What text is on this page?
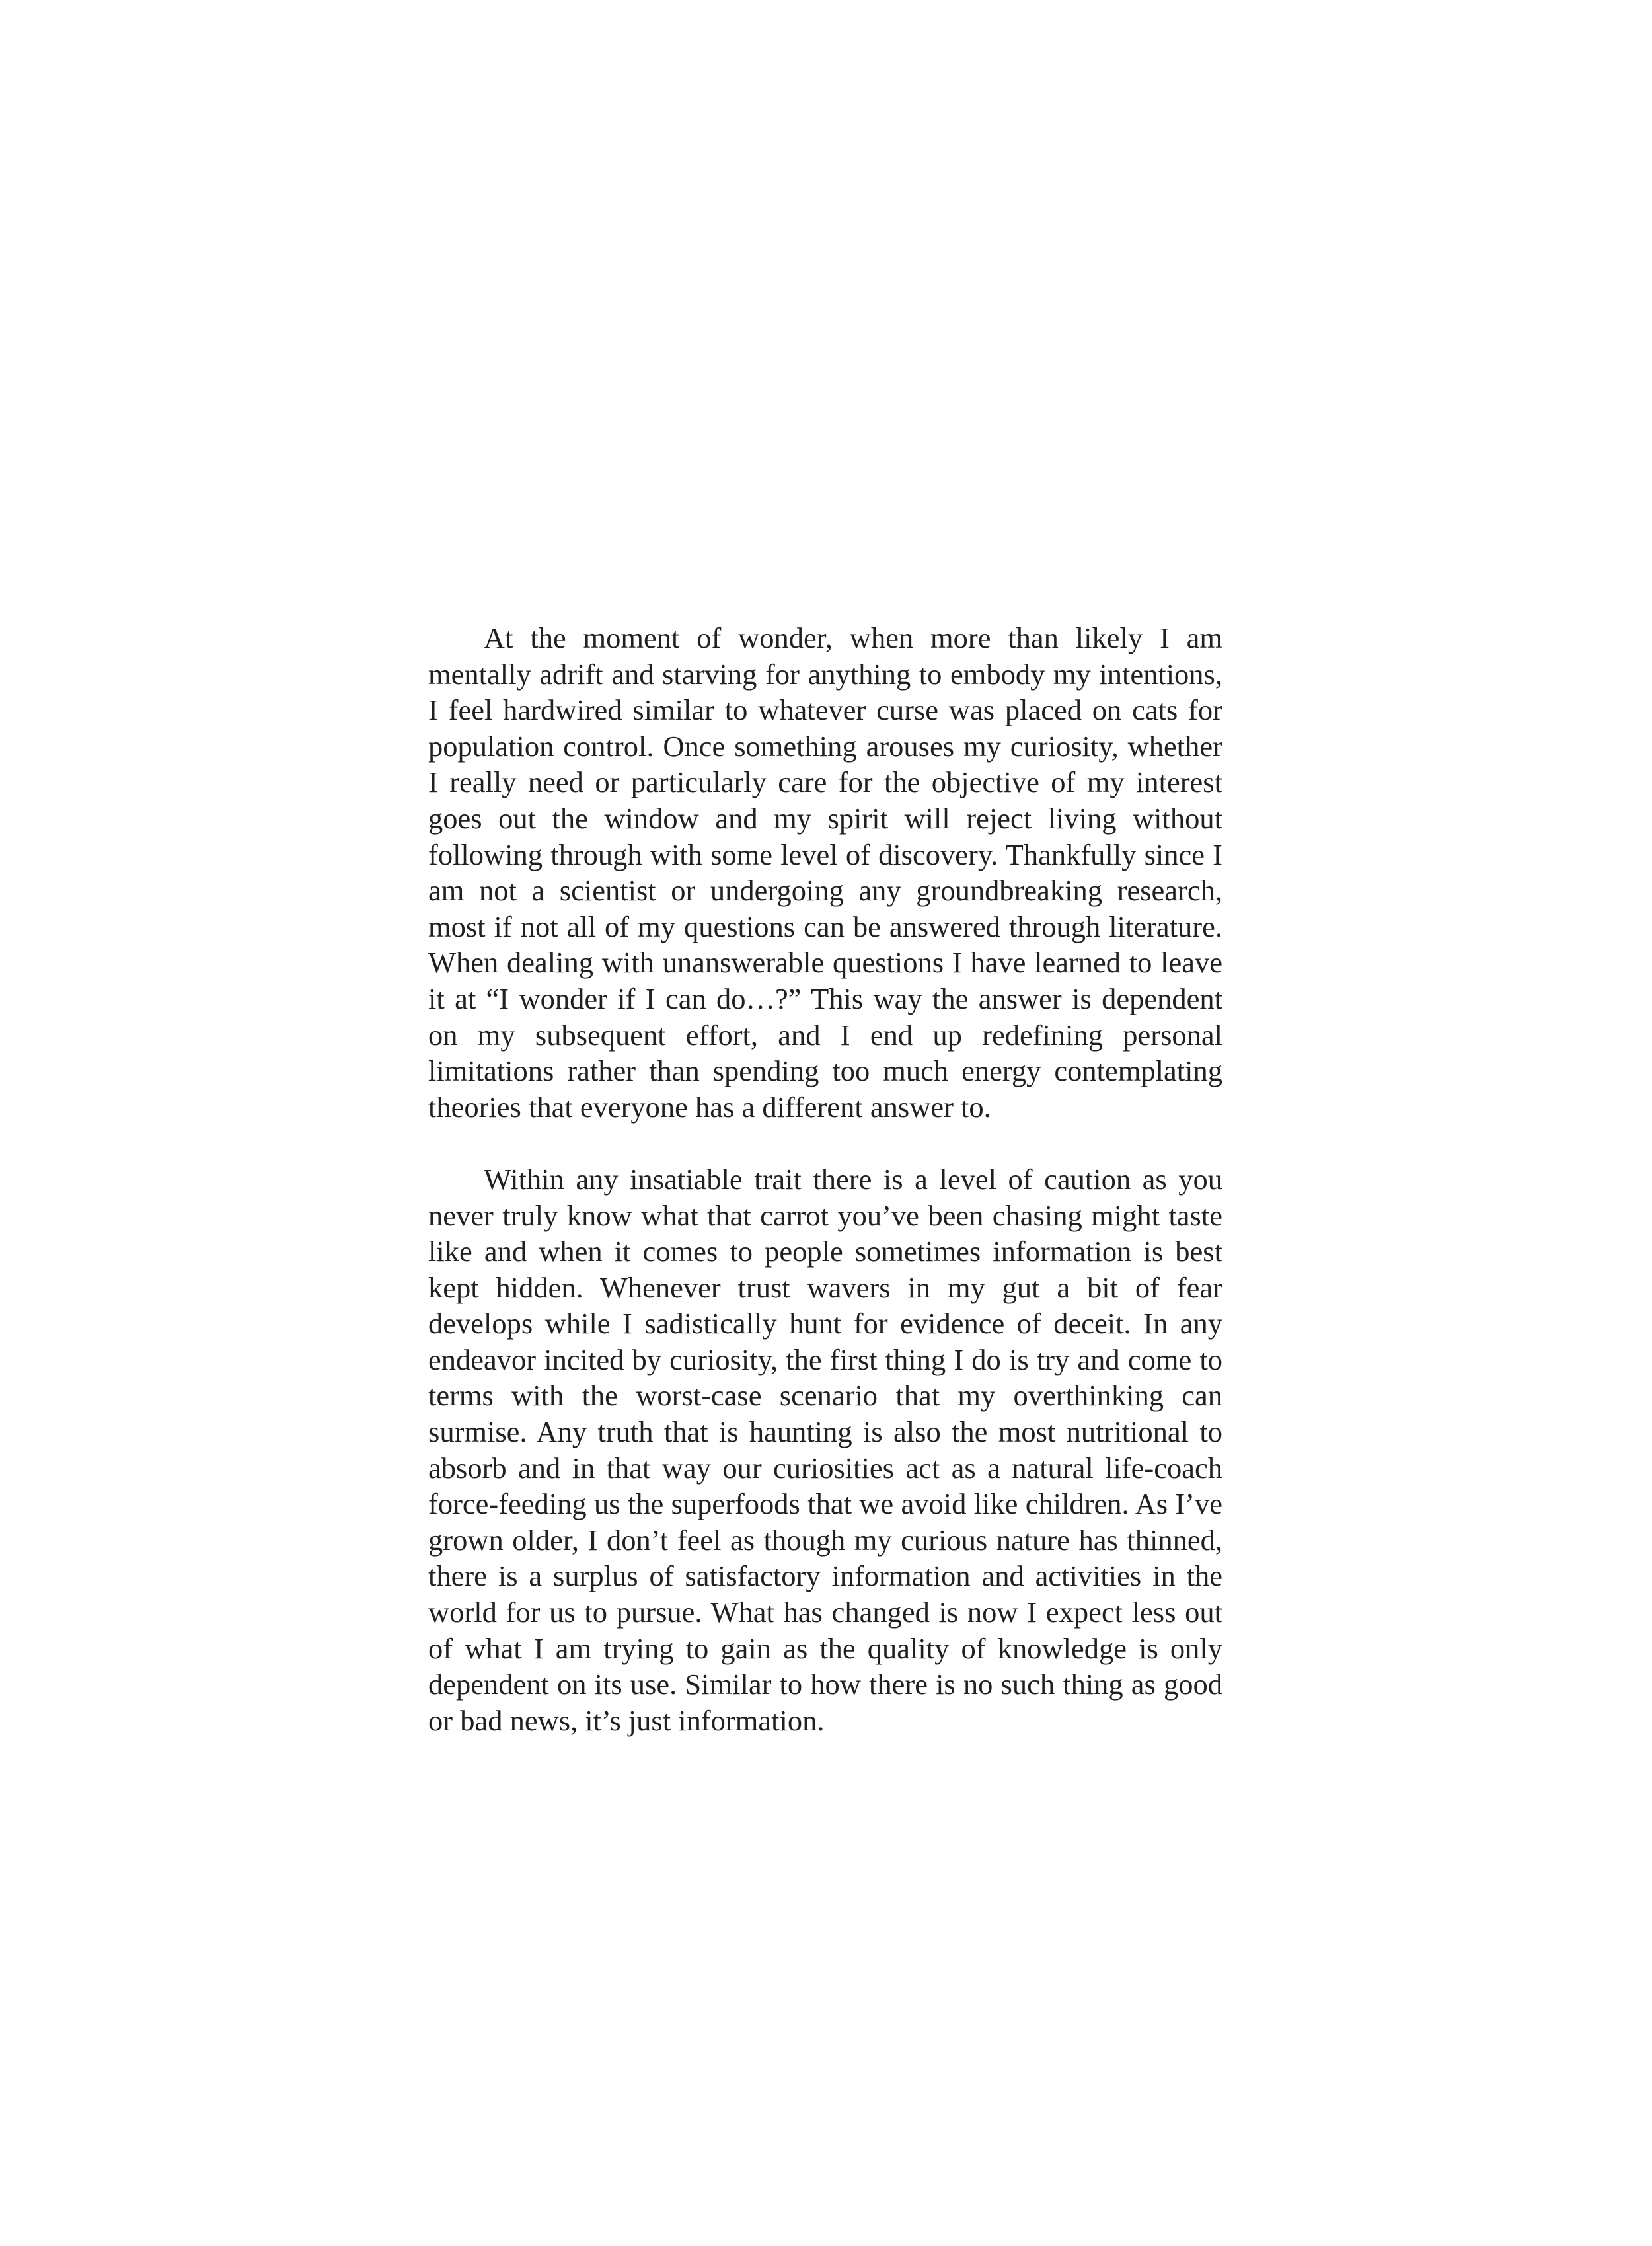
At the moment of wonder, when more than likely I am mentally adrift and starving for anything to embody my intentions, I feel hardwired similar to whatever curse was placed on cats for population control. Once something arouses my curiosity, whether I really need or particularly care for the objective of my interest goes out the window and my spirit will reject living without following through with some level of discovery. Thankfully since I am not a scientist or undergoing any groundbreaking research, most if not all of my questions can be answered through literature. When dealing with unanswerable questions I have learned to leave it at “I wonder if I can do…?” This way the answer is dependent on my subsequent effort, and I end up redefining personal limitations rather than spending too much energy contemplating theories that everyone has a different answer to.

Within any insatiable trait there is a level of caution as you never truly know what that carrot you’ve been chasing might taste like and when it comes to people sometimes information is best kept hidden. Whenever trust wavers in my gut a bit of fear develops while I sadistically hunt for evidence of deceit. In any endeavor incited by curiosity, the first thing I do is try and come to terms with the worst-case scenario that my overthinking can surmise. Any truth that is haunting is also the most nutritional to absorb and in that way our curiosities act as a natural life-coach force-feeding us the superfoods that we avoid like children. As I’ve grown older, I don’t feel as though my curious nature has thinned, there is a surplus of satisfactory information and activities in the world for us to pursue. What has changed is now I expect less out of what I am trying to gain as the quality of knowledge is only dependent on its use. Similar to how there is no such thing as good or bad news, it’s just information.
